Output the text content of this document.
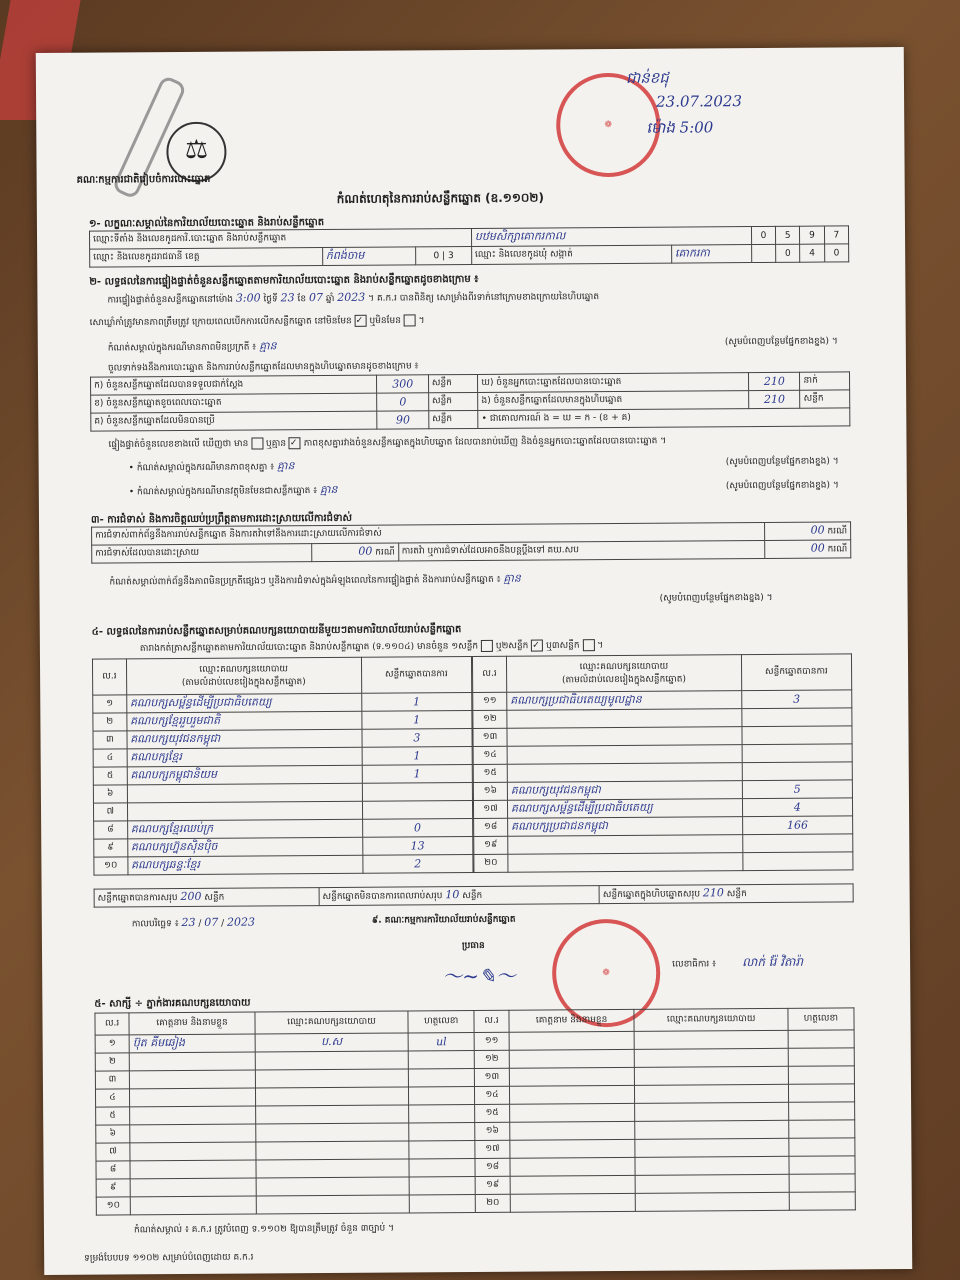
⚖
❁
ជាន់ខជុ
23.07.2023
ម៉ោង 5:00
គណៈកម្មការជាតិរៀបចំការបោះឆ្នោត
កំណត់ហេតុនៃការរាប់សន្លឹកឆ្នោត (ឧ.១១០២)
១- លក្ខណៈសម្គាល់នៃការិយាល័យបោះឆ្នោត និងរាប់សន្លឹកឆ្នោត
ឈ្មោះទីតាំង និងលេខកូដការិ.បោះឆ្នោត និងរាប់សន្លឹកឆ្នោត			បឋមសិក្សាគោករកាល		0	5	9	7
ឈ្មោះ និងលេខកូដរាជធានី ខេត្ត	កំពង់ចាម	0 | 3	ឈ្មោះ និងលេខកូដឃុំ សង្កាត់	គោករកា		0	4	0
២- លទ្ធផលនៃការផ្ទៀងផ្ទាត់ចំនួនសន្លឹកឆ្នោតតាមការិយាល័យបោះឆ្នោត និងរាប់សន្លឹកឆ្នោតដូចខាងក្រោម ៖
ការផ្ទៀងផ្ទាត់ចំនួនសន្លឹកឆ្នោតនៅម៉ោង 3:00 ថ្ងៃទី 23 ខែ 07 ឆ្នាំ 2023 ។ គ.ក.រ បានពិនិត្យ សោម្រាំងពីរទាក់នៅក្រោមខាងក្រោយនៃហិបឆ្នោត
សោឃ្លាំកាំត្រូវមានភាពត្រឹមត្រូវ ក្រោយពេលបើកការលើកសន្លឹកឆ្នោត នៅមិនមែន ✓ ឬមិនមែន  ។
កំណត់សម្គាល់ក្នុងករណីមានភាពមិនប្រក្រតី ៖ គ្មាន	(សូមបំពេញបន្ថែមផ្នែកខាងខ្នង) ។
ចួលទាក់ទងនឹងការបោះឆ្នោត និងការរាប់សន្លឹកឆ្នោតដែលមានក្នុងហិបឆ្នោតមានដូចខាងក្រោម ៖
ក) ចំនួនសន្លឹកឆ្នោតដែលបានទទួលជាក់ស្តែង	300	សន្លឹក	ឃ) ចំនួនអ្នកបោះឆ្នោតដែលបានបោះឆ្នោត	210	នាក់
ខ) ចំនួនសន្លឹកឆ្នោតខូចពេលបោះឆ្នោត	0	សន្លឹក	ង) ចំនួនសន្លឹកឆ្នោតដែលមានក្នុងហិបឆ្នោត	210	សន្លឹក
គ) ចំនួនសន្លឹកឆ្នោតដែលមិនបានប្រើ	90	សន្លឹក	• ជាគោលការណ៍ ង = ឃ = ក - (ខ + គ)		
ផ្ទៀងផ្ទាត់ចំនួនលេខខាងលើ ឃើញថា មាន ឬគ្មាន ✓ ភាពខុសគ្នារវាងចំនួនសន្លឹកឆ្នោតក្នុងហិបឆ្នោត ដែលបានរាប់ឃើញ និងចំនួនអ្នកបោះឆ្នោតដែលបានបោះឆ្នោត ។
• កំណត់សម្គាល់ក្នុងករណីមានភាពខុសគ្នា ៖ គ្មាន	(សូមបំពេញបន្ថែមផ្នែកខាងខ្នង) ។
• កំណត់សម្គាល់ក្នុងករណីមានវត្ថុមិនមែនជាសន្លឹកឆ្នោត ៖ គ្មាន	(សូមបំពេញបន្ថែមផ្នែកខាងខ្នង) ។
៣- ការជំទាស់ និងការចិត្តឈប់ប្រព្រឹត្តតាមការដោះស្រាយលើការជំទាស់
ការជំទាស់ពាក់ព័ន្ធនឹងការរាប់សន្លឹកឆ្នោត និងការតវ៉ាទៅនឹងការដោះស្រាយលើការជំទាស់			00 ករណី
ការជំទាស់ដែលបានដោះស្រាយ	00 ករណី	ការតវ៉ា ឬការជំទាស់ដែលអាចនឹងបន្តប្តឹងទៅ គឃ.សប	00 ករណី
កំណត់សម្គាល់ពាក់ព័ន្ធនឹងភាពមិនប្រក្រតីផ្សេងៗ ឬនិងការជំទាស់ក្នុងអំឡុងពេលនៃការផ្ទៀងផ្ទាត់ និងការរាប់សន្លឹកឆ្នោត ៖ គ្មាន
(សូមបំពេញបន្ថែមផ្នែកខាងខ្នង) ។
៤- លទ្ធផលនៃការរាប់សន្លឹកឆ្នោតសម្រាប់គណបក្សនយោបាយនីមួយៗតាមការិយាល័យរាប់សន្លឹកឆ្នោត
តារាងកត់ត្រាសន្លឹកឆ្នោតតាមការិយាល័យបោះឆ្នោត និងរាប់សន្លឹកឆ្នោត (ទ.១១០៤) មានចំនួន ១សន្លឹក ឬ២សន្លឹក ✓ ឬ៣សន្លឹក  ។
ល.រ	ឈ្មោះគណបក្សនយោបាយ
(តាមលំដាប់លេខរៀងក្នុងសន្លឹកឆ្នោត)	សន្លឹកឆ្នោតបានការ
១	គណបក្សសម្ព័ន្ធដើម្បីប្រជាធិបតេយ្យ	1
២	គណបក្សខ្មែររួបរួមជាតិ	1
៣	គណបក្សយុវជនកម្ពុជា	3
៤	គណបក្សខ្មែរ	1
៥	គណបក្សកម្ពុជានិយម	1
៦		
៧		
៨	គណបក្សខ្មែរឈប់ក្រ	0
៩	គណបក្សហ្វ៊ុនស៊ិនប៉ិច	13
១០	គណបក្សឆន្ទៈខ្មែរ	2
ល.រ	ឈ្មោះគណបក្សនយោបាយ
(តាមលំដាប់លេខរៀងក្នុងសន្លឹកឆ្នោត)	សន្លឹកឆ្នោតបានការ
១១	គណបក្សប្រជាធិបតេយ្យមូលដ្ឋាន	3
១២		
១៣		
១៤		
១៥		
១៦	គណបក្សយុវជនកម្ពុជា	5
១៧	គណបក្សសម្ព័ន្ធដើម្បីប្រជាធិបតេយ្យ	4
១៨	គណបក្សប្រជាជនកម្ពុជា	166
១៩		
២០		
សន្លឹកឆ្នោតបានការសរុប 200 សន្លឹក	សន្លឹកឆ្នោតមិនបានការពេលរាប់សរុប 10 សន្លឹក	សន្លឹកឆ្នោតក្នុងហិបឆ្នោតសរុប 210 សន្លឹក
កាលបរិច្ឆេទ ៖ 23 / 07 / 2023	៩. គណៈកម្មការការិយាល័យរាប់សន្លឹកឆ្នោត
ប្រធាន
〜∼✎〜	❁
លេខាធិការ ៖ លាក់ រ៉ែ វិតារ៉ា
៥- សាក្សី ÷ ភ្នាក់ងារគណបក្សនយោបាយ
ល.រ	គោត្តនាម និងនាមខ្លួន	ឈ្មោះគណបក្សនយោបាយ	ហត្ថលេខា	ល.រ	គោត្តនាម និងនាមខ្លួន	ឈ្មោះគណបក្សនយោបាយ	ហត្ថលេខា
១	ប៊ុត គីមឆៀង	ប.ស	ul	១១			
២				១២			
៣				១៣			
៤				១៤			
៥				១៥			
៦				១៦			
៧				១៧			
៨				១៨			
៩				១៩			
១០				២០			
កំណត់សម្គាល់ ៖ គ.ក.រ ត្រូវបំពេញ ទ.១១០២ ឱ្យបានត្រឹមត្រូវ ចំនួន ៣ច្បាប់ ។
ទម្រង់បែបបទ ១១០២ សម្រាប់បំពេញដោយ គ.ក.រ
